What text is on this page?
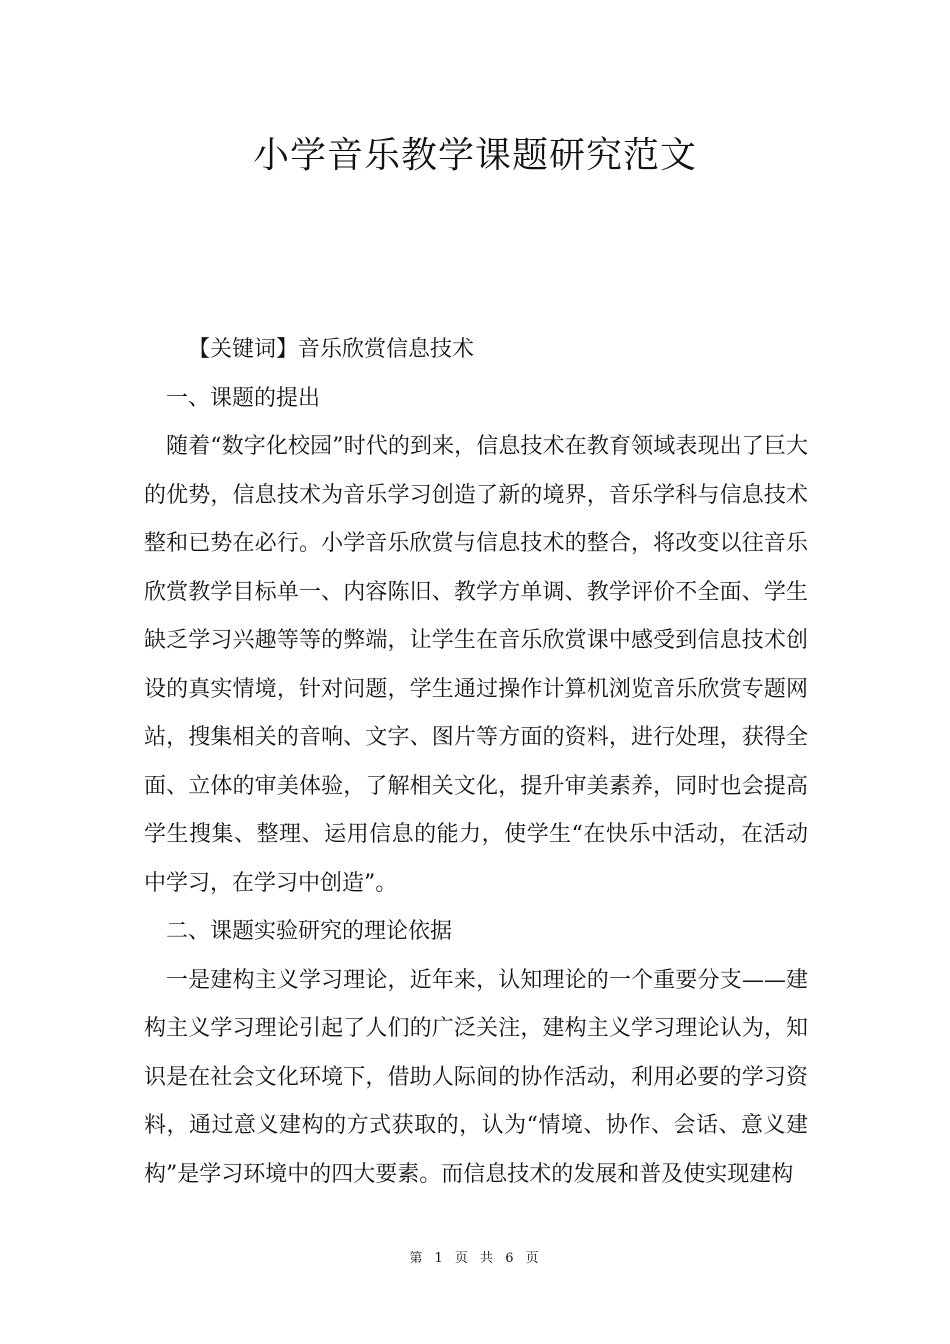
小学音乐教学课题研究范文

【关键词】音乐欣赏信息技术

一、课题的提出

随着“数字化校园”时代的到来，信息技术在教育领域表现出了巨大的优势，信息技术为音乐学习创造了新的境界，音乐学科与信息技术整和已势在必行。小学音乐欣赏与信息技术的整合，将改变以往音乐欣赏教学目标单一、内容陈旧、教学方单调、教学评价不全面、学生缺乏学习兴趣等等的弊端，让学生在音乐欣赏课中感受到信息技术创设的真实情境，针对问题，学生通过操作计算机浏览音乐欣赏专题网站，搜集相关的音响、文字、图片等方面的资料，进行处理，获得全面、立体的审美体验，了解相关文化，提升审美素养，同时也会提高学生搜集、整理、运用信息的能力，使学生“在快乐中活动，在活动中学习，在学习中创造”。

二、课题实验研究的理论依据

一是建构主义学习理论，近年来，认知理论的一个重要分支——建构主义学习理论引起了人们的广泛关注，建构主义学习理论认为，知识是在社会文化环境下，借助人际间的协作活动，利用必要的学习资料，通过意义建构的方式获取的，认为“情境、协作、会话、意义建构”是学习环境中的四大要素。而信息技术的发展和普及使实现建构

第 1 页 共 6 页
